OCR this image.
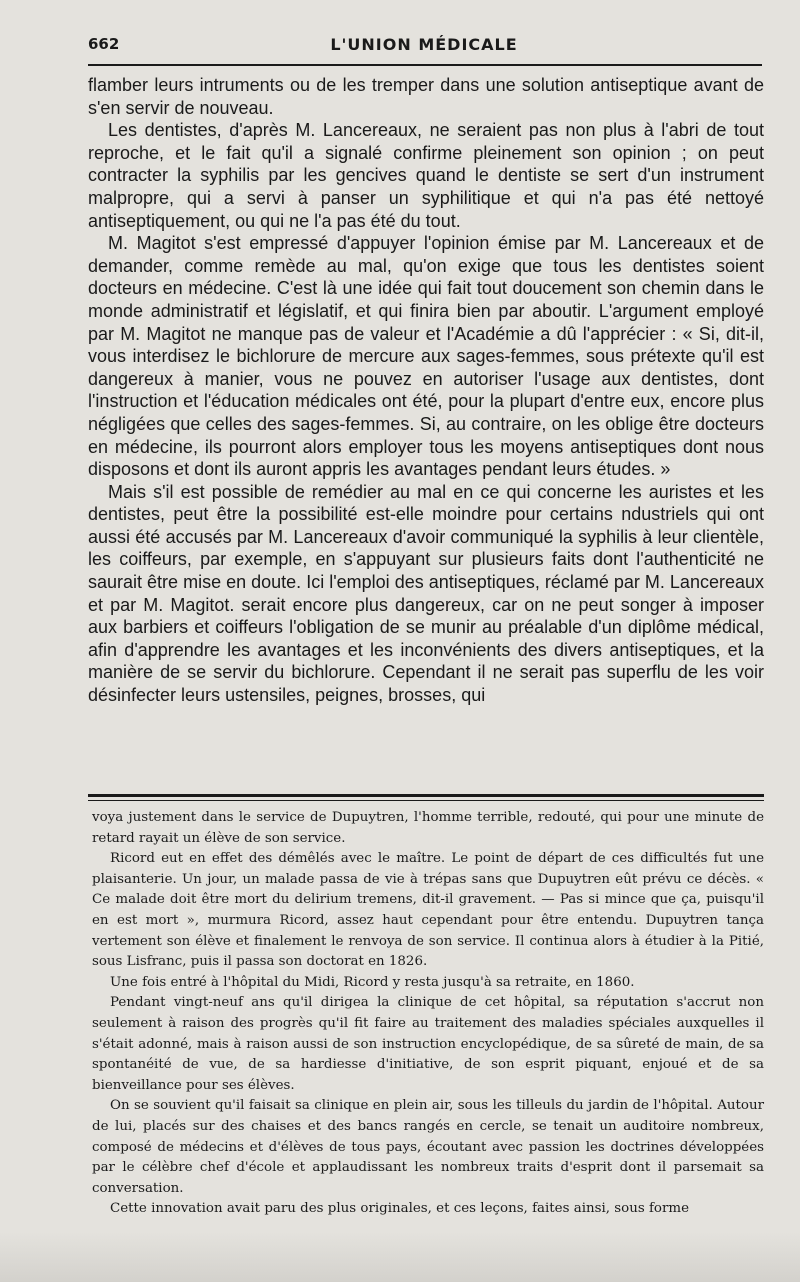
662	L'UNION MÉDICALE

flamber leurs intruments ou de les tremper dans une solution antiseptique avant de s'en servir de nouveau.

Les dentistes, d'après M. Lancereaux, ne seraient pas non plus à l'abri de tout reproche, et le fait qu'il a signalé confirme pleinement son opinion ; on peut contracter la syphilis par les gencives quand le dentiste se sert d'un instrument malpropre, qui a servi à panser un syphilitique et qui n'a pas été nettoyé antiseptiquement, ou qui ne l'a pas été du tout.

M. Magitot s'est empressé d'appuyer l'opinion émise par M. Lancereaux et de demander, comme remède au mal, qu'on exige que tous les dentistes soient docteurs en médecine. C'est là une idée qui fait tout doucement son chemin dans le monde administratif et législatif, et qui finira bien par aboutir. L'argument employé par M. Magitot ne manque pas de valeur et l'Académie a dû l'apprécier : « Si, dit-il, vous interdisez le bichlorure de mercure aux sages-femmes, sous prétexte qu'il est dangereux à manier, vous ne pouvez en autoriser l'usage aux dentistes, dont l'instruction et l'éducation médicales ont été, pour la plupart d'entre eux, encore plus négligées que celles des sages-femmes. Si, au contraire, on les oblige être docteurs en médecine, ils pourront alors employer tous les moyens antiseptiques dont nous disposons et dont ils auront appris les avantages pendant leurs études. »

Mais s'il est possible de remédier au mal en ce qui concerne les auristes et les dentistes, peut être la possibilité est-elle moindre pour certains ndustriels qui ont aussi été accusés par M. Lancereaux d'avoir communiqué la syphilis à leur clientèle, les coiffeurs, par exemple, en s'appuyant sur plusieurs faits dont l'authenticité ne saurait être mise en doute. Ici l'emploi des antiseptiques, réclamé par M. Lancereaux et par M. Magitot. serait encore plus dangereux, car on ne peut songer à imposer aux barbiers et coiffeurs l'obligation de se munir au préalable d'un diplôme médical, afin d'apprendre les avantages et les inconvénients des divers antiseptiques, et la manière de se servir du bichlorure. Cependant il ne serait pas superflu de les voir désinfecter leurs ustensiles, peignes, brosses, qui

voya justement dans le service de Dupuytren, l'homme terrible, redouté, qui pour une minute de retard rayait un élève de son service.

Ricord eut en effet des démêlés avec le maître. Le point de départ de ces difficultés fut une plaisanterie. Un jour, un malade passa de vie à trépas sans que Dupuytren eût prévu ce décès. « Ce malade doit être mort du delirium tremens, dit-il gravement. — Pas si mince que ça, puisqu'il en est mort », murmura Ricord, assez haut cependant pour être entendu. Dupuytren tança vertement son élève et finalement le renvoya de son service. Il continua alors à étudier à la Pitié, sous Lisfranc, puis il passa son doctorat en 1826.

Une fois entré à l'hôpital du Midi, Ricord y resta jusqu'à sa retraite, en 1860.

Pendant vingt-neuf ans qu'il dirigea la clinique de cet hôpital, sa réputation s'accrut non seulement à raison des progrès qu'il fit faire au traitement des maladies spéciales auxquelles il s'était adonné, mais à raison aussi de son instruction encyclopédique, de sa sûreté de main, de sa spontanéité de vue, de sa hardiesse d'initiative, de son esprit piquant, enjoué et de sa bienveillance pour ses élèves.

On se souvient qu'il faisait sa clinique en plein air, sous les tilleuls du jardin de l'hôpital. Autour de lui, placés sur des chaises et des bancs rangés en cercle, se tenait un auditoire nombreux, composé de médecins et d'élèves de tous pays, écoutant avec passion les doctrines développées par le célèbre chef d'école et applaudissant les nombreux traits d'esprit dont il parsemait sa conversation.

Cette innovation avait paru des plus originales, et ces leçons, faites ainsi, sous forme
